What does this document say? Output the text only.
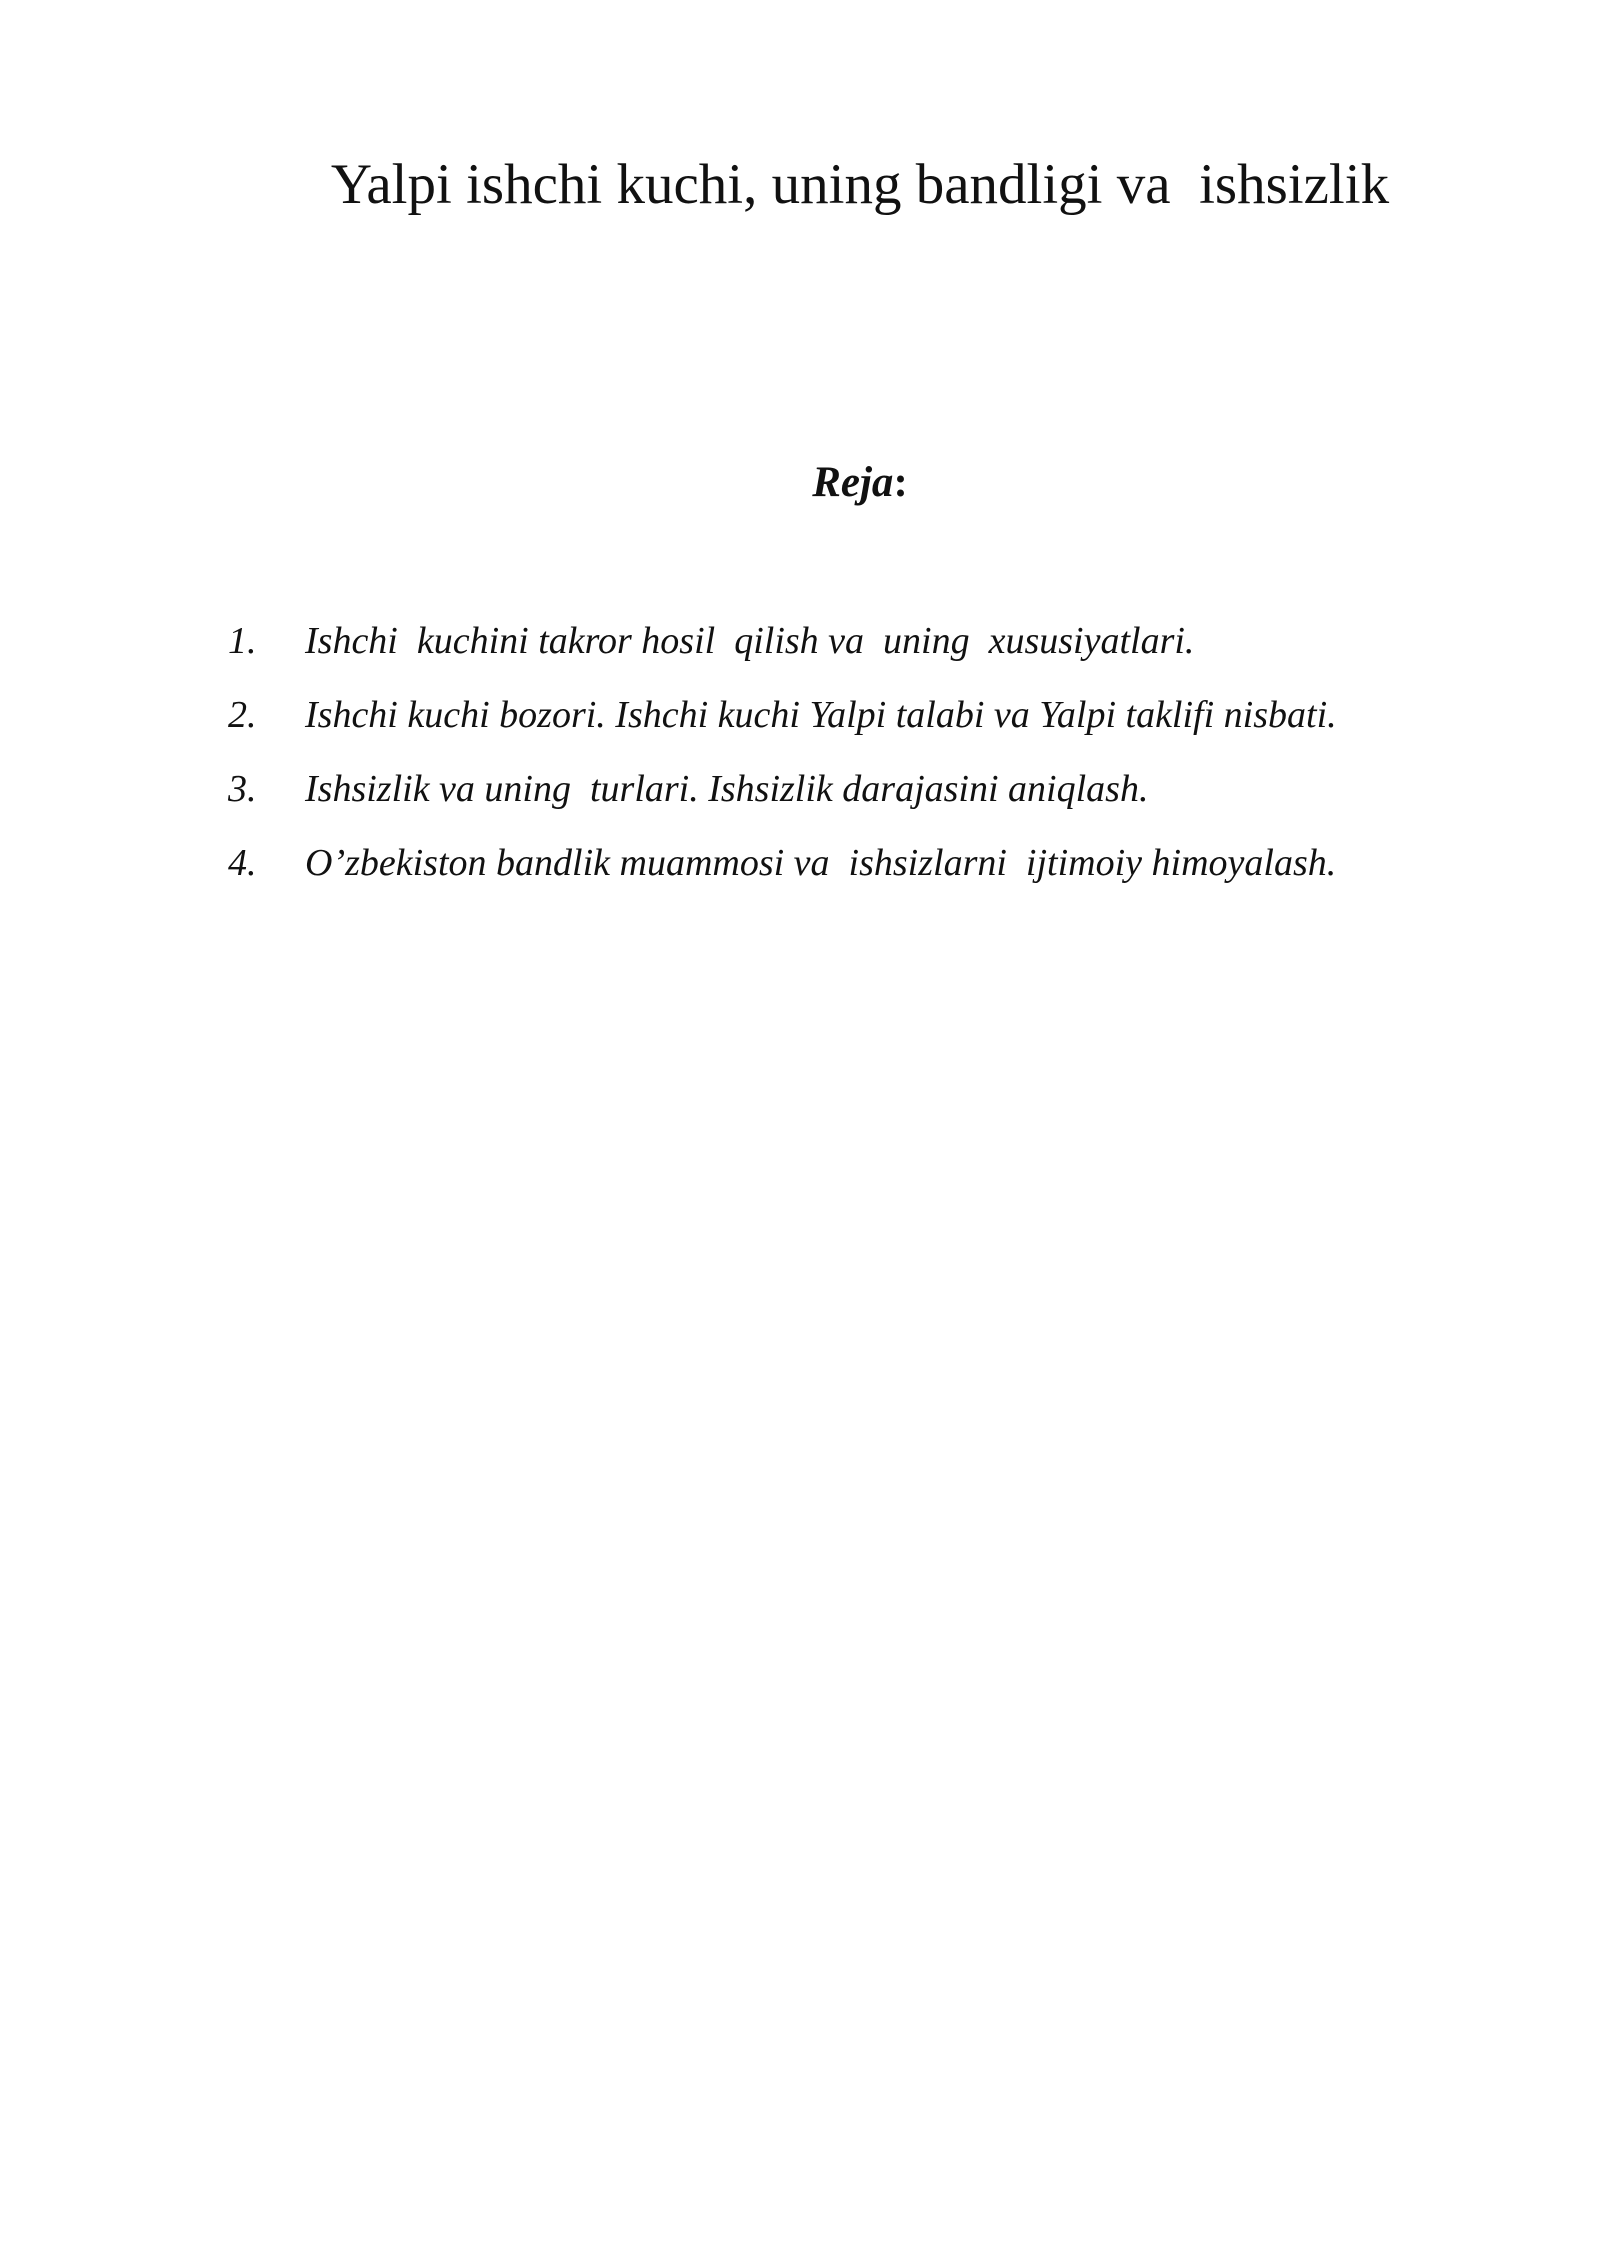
Yalpi ishchi kuchi, uning bandligi va  ishsizlik
Reja:
1. Ishchi  kuchini takror hosil  qilish va  uning  xususiyatlari.
2. Ishchi kuchi bozori. Ishchi kuchi Yalpi talabi va Yalpi taklifi nisbati.
3. Ishsizlik va uning  turlari. Ishsizlik darajasini aniqlash.
4. O’zbekiston bandlik muammosi va  ishsizlarni  ijtimoiy himoyalash.
